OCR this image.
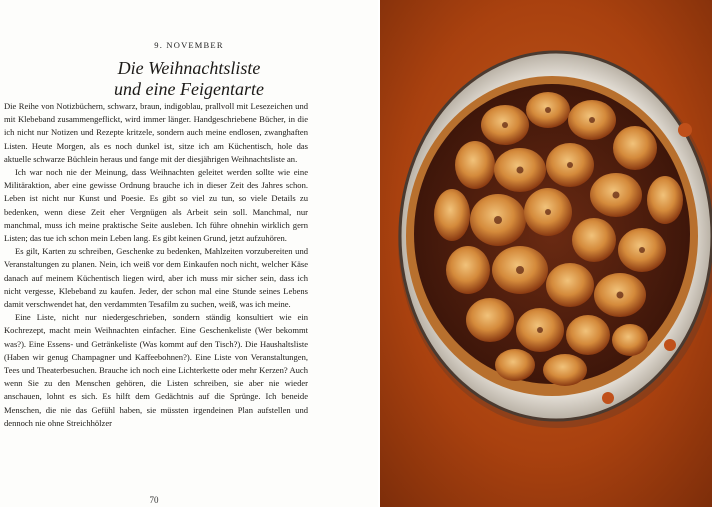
9. NOVEMBER
Die Weihnachtsliste
und eine Feigentarte

Die Reihe von Notizbüchern, schwarz, braun, indigoblau, prallvoll mit Lesezeichen und mit Klebeband zusammengeflickt, wird immer länger. Handgeschriebene Bücher, in die ich nicht nur Notizen und Rezepte kritzele, sondern auch meine endlosen, zwanghaften Listen. Heute Morgen, als es noch dunkel ist, sitze ich am Küchentisch, hole das aktuelle schwarze Büchlein heraus und fange mit der diesjährigen Weihnachtsliste an.

Ich war noch nie der Meinung, dass Weihnachten geleitet werden sollte wie eine Militäraktion, aber eine gewisse Ordnung brauche ich in dieser Zeit des Jahres schon. Leben ist nicht nur Kunst und Poesie. Es gibt so viel zu tun, so viele Details zu bedenken, wenn diese Zeit eher Vergnügen als Arbeit sein soll. Manchmal, nur manchmal, muss ich meine praktische Seite ausleben. Ich führe ohnehin wirklich gern Listen; das tue ich schon mein Leben lang. Es gibt keinen Grund, jetzt aufzuhören.

Es gilt, Karten zu schreiben, Geschenke zu bedenken, Mahlzeiten vorzubereiten und Veranstaltungen zu planen. Nein, ich weiß vor dem Einkaufen noch nicht, welcher Käse danach auf meinem Küchentisch liegen wird, aber ich muss mir sicher sein, dass ich nicht vergesse, Klebeband zu kaufen. Jeder, der schon mal eine Stunde seines Lebens damit verschwendet hat, den verdammten Tesafilm zu suchen, weiß, was ich meine.

Eine Liste, nicht nur niedergeschrieben, sondern ständig konsultiert wie ein Kochrezept, macht mein Weihnachten einfacher. Eine Geschenkeliste (Wer bekommt was?). Eine Essens- und Getränkeliste (Was kommt auf den Tisch?). Die Haushaltsliste (Haben wir genug Champagner und Kaffeebohnen?). Eine Liste von Veranstaltungen, Tees und Theaterbesuchen. Brauche ich noch eine Lichterkette oder mehr Kerzen? Auch wenn Sie zu den Menschen gehören, die Listen schreiben, sie aber nie wieder anschauen, lohnt es sich. Es hilft dem Gedächtnis auf die Sprünge. Ich beneide Menschen, die nie das Gefühl haben, sie müssten irgendeinen Plan aufstellen und dennoch nie ohne Streichhölzer

70
